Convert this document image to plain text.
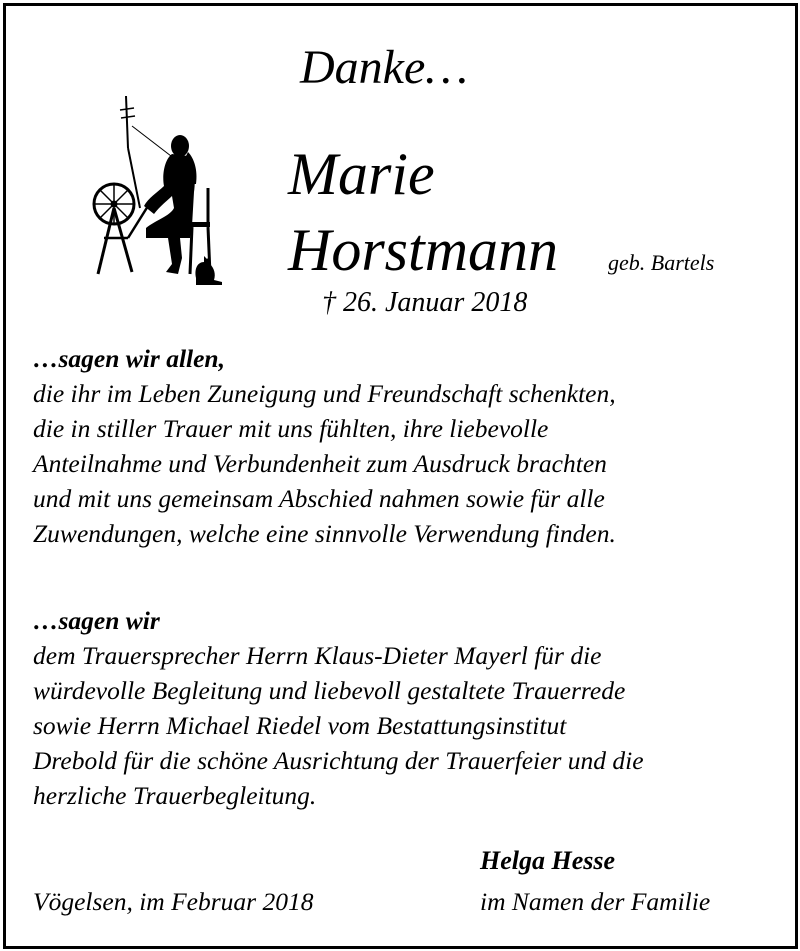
Danke…
Marie
Horstmann geb. Bartels
† 26. Januar 2018
…sagen wir allen,
die ihr im Leben Zuneigung und Freundschaft schenkten,
die in stiller Trauer mit uns fühlten, ihre liebevolle
Anteilnahme und Verbundenheit zum Ausdruck brachten
und mit uns gemeinsam Abschied nahmen sowie für alle
Zuwendungen, welche eine sinnvolle Verwendung finden.
…sagen wir
dem Trauersprecher Herrn Klaus-Dieter Mayerl für die
würdevolle Begleitung und liebevoll gestaltete Trauerrede
sowie Herrn Michael Riedel vom Bestattungsinstitut
Drebold für die schöne Ausrichtung der Trauerfeier und die
herzliche Trauerbegleitung.
Helga Hesse
Vögelsen, im Februar 2018	im Namen der Familie
